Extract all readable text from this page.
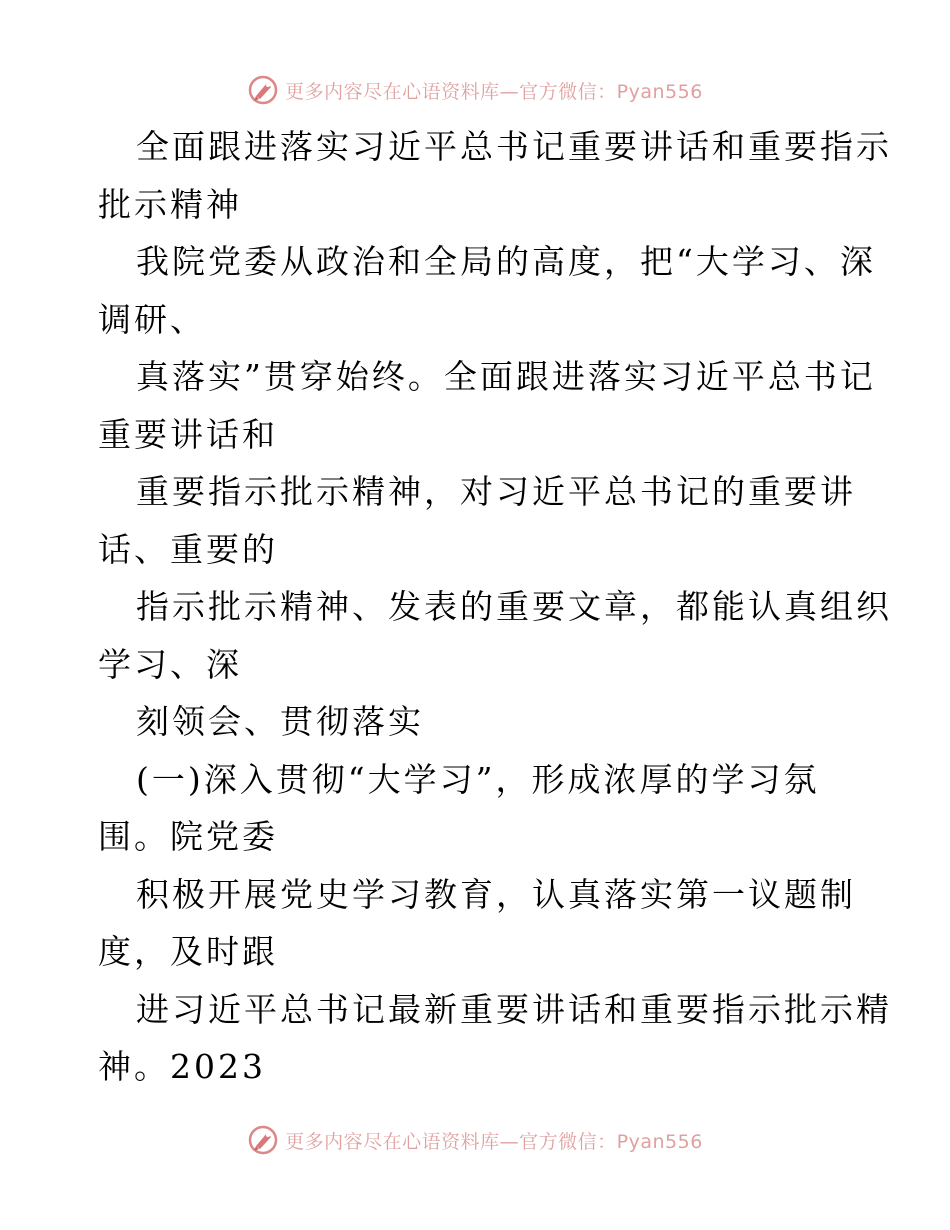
更多内容尽在心语资料库—官方微信：Pyan556
全面跟进落实习近平总书记重要讲话和重要指示
批示精神
我院党委从政治和全局的高度，把“大学习、深
调研、
真落实”贯穿始终。全面跟进落实习近平总书记
重要讲话和
重要指示批示精神，对习近平总书记的重要讲
话、重要的
指示批示精神、发表的重要文章，都能认真组织
学习、深
刻领会、贯彻落实
(一)深入贯彻“大学习”，形成浓厚的学习氛
围。院党委
积极开展党史学习教育，认真落实第一议题制
度，及时跟
进习近平总书记最新重要讲话和重要指示批示精
神。2023
更多内容尽在心语资料库—官方微信：Pyan556
